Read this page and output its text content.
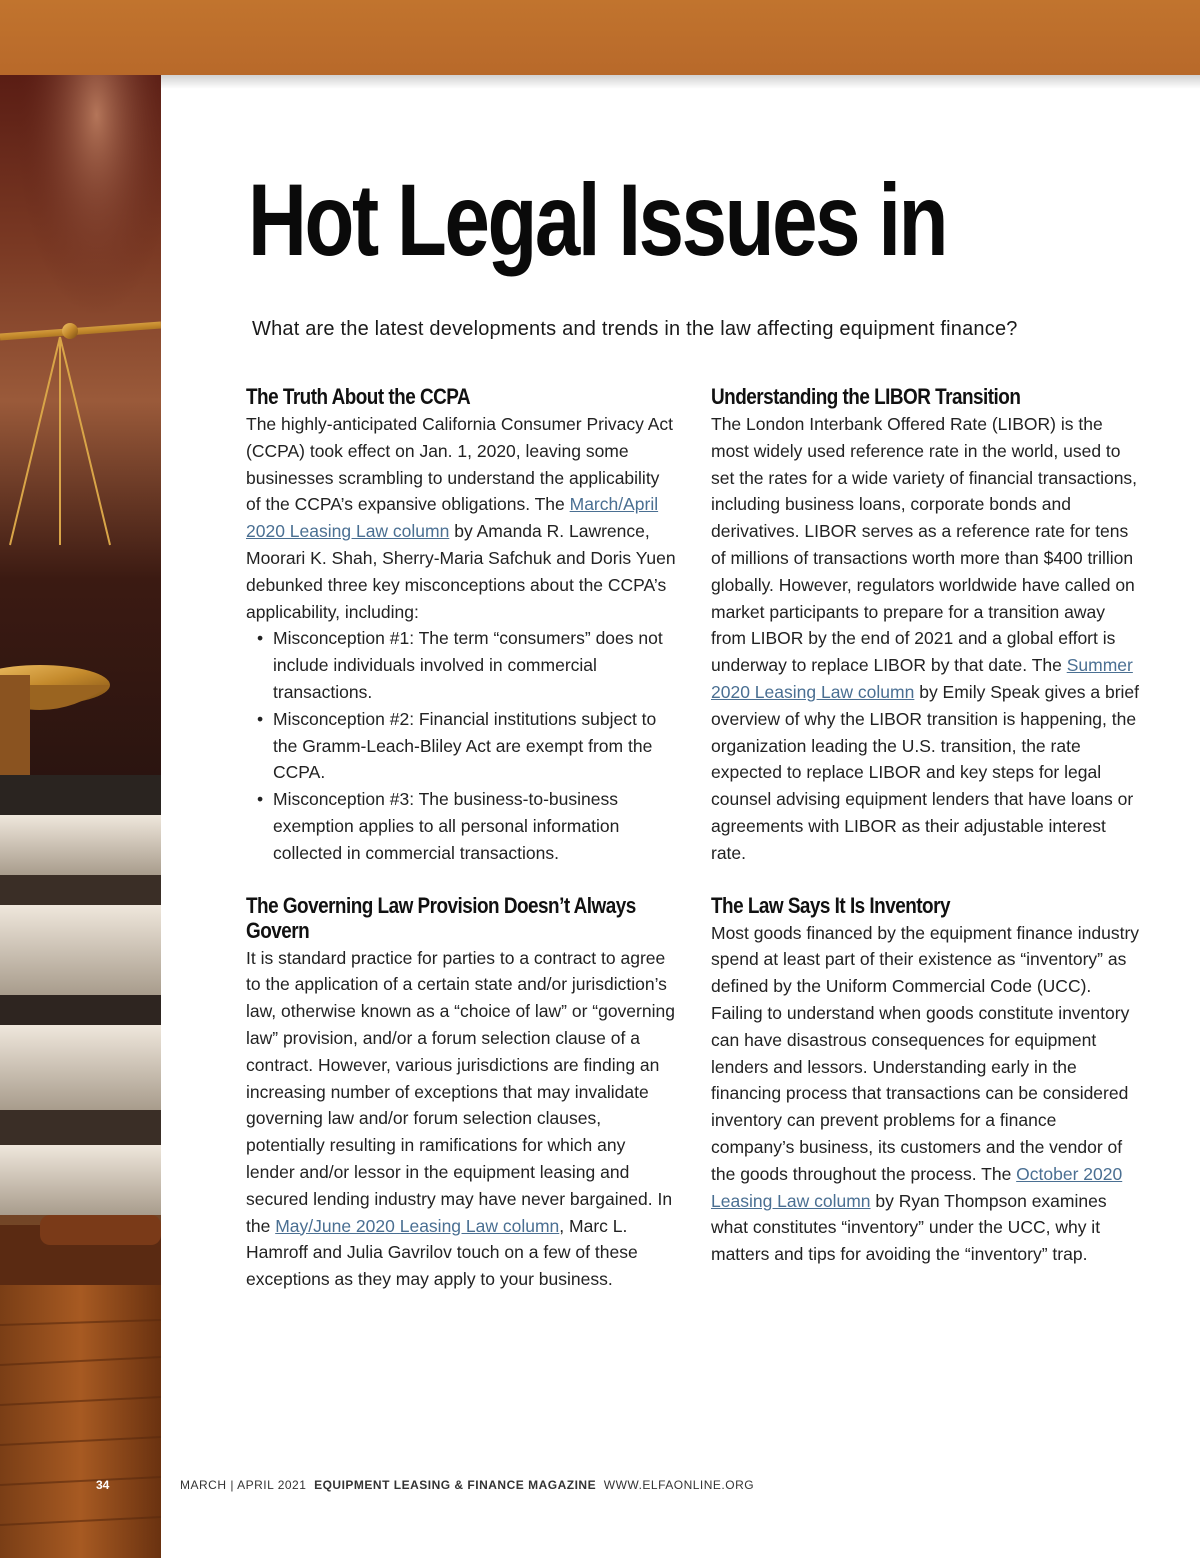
Hot Legal Issues in

What are the latest developments and trends in the law affecting equipment finance?

The Truth About the CCPA

The highly-anticipated California Consumer Privacy Act (CCPA) took effect on Jan. 1, 2020, leaving some businesses scrambling to understand the applicability of the CCPA’s expansive obligations. The March/April 2020 Leasing Law column by Amanda R. Lawrence, Moorari K. Shah, Sherry-Maria Safchuk and Doris Yuen debunked three key misconceptions about the CCPA’s applicability, including:

• Misconception #1: The term “consumers” does not include individuals involved in commercial transactions.
• Misconception #2: Financial institutions subject to the Gramm-Leach-Bliley Act are exempt from the CCPA.
• Misconception #3: The business-to-business exemption applies to all personal information collected in commercial transactions.
The Governing Law Provision Doesn’t Always Govern

It is standard practice for parties to a contract to agree to the application of a certain state and/or jurisdiction’s law, otherwise known as a “choice of law” or “governing law” provision, and/or a forum selection clause of a contract. However, various jurisdictions are finding an increasing number of exceptions that may invalidate governing law and/or forum selection clauses, potentially resulting in ramifications for which any lender and/or lessor in the equipment leasing and secured lending industry may have never bargained. In the May/June 2020 Leasing Law column, Marc L. Hamroff and Julia Gavrilov touch on a few of these exceptions as they may apply to your business.

Understanding the LIBOR Transition

The London Interbank Offered Rate (LIBOR) is the most widely used reference rate in the world, used to set the rates for a wide variety of financial transactions, including business loans, corporate bonds and derivatives. LIBOR serves as a reference rate for tens of millions of transactions worth more than $400 trillion globally. However, regulators worldwide have called on market participants to prepare for a transition away from LIBOR by the end of 2021 and a global effort is underway to replace LIBOR by that date. The Summer 2020 Leasing Law column by Emily Speak gives a brief overview of why the LIBOR transition is happening, the organization leading the U.S. transition, the rate expected to replace LIBOR and key steps for legal counsel advising equipment lenders that have loans or agreements with LIBOR as their adjustable interest rate.

The Law Says It Is Inventory

Most goods financed by the equipment finance industry spend at least part of their existence as “inventory” as defined by the Uniform Commercial Code (UCC). Failing to understand when goods constitute inventory can have disastrous consequences for equipment lenders and lessors. Understanding early in the financing process that transactions can be considered inventory can prevent problems for a finance company’s business, its customers and the vendor of the goods throughout the process. The October 2020 Leasing Law column by Ryan Thompson examines what constitutes “inventory” under the UCC, why it matters and tips for avoiding the “inventory” trap.

34	MARCH | APRIL 2021 EQUIPMENT LEASING & FINANCE MAGAZINE WWW.ELFAONLINE.ORG
